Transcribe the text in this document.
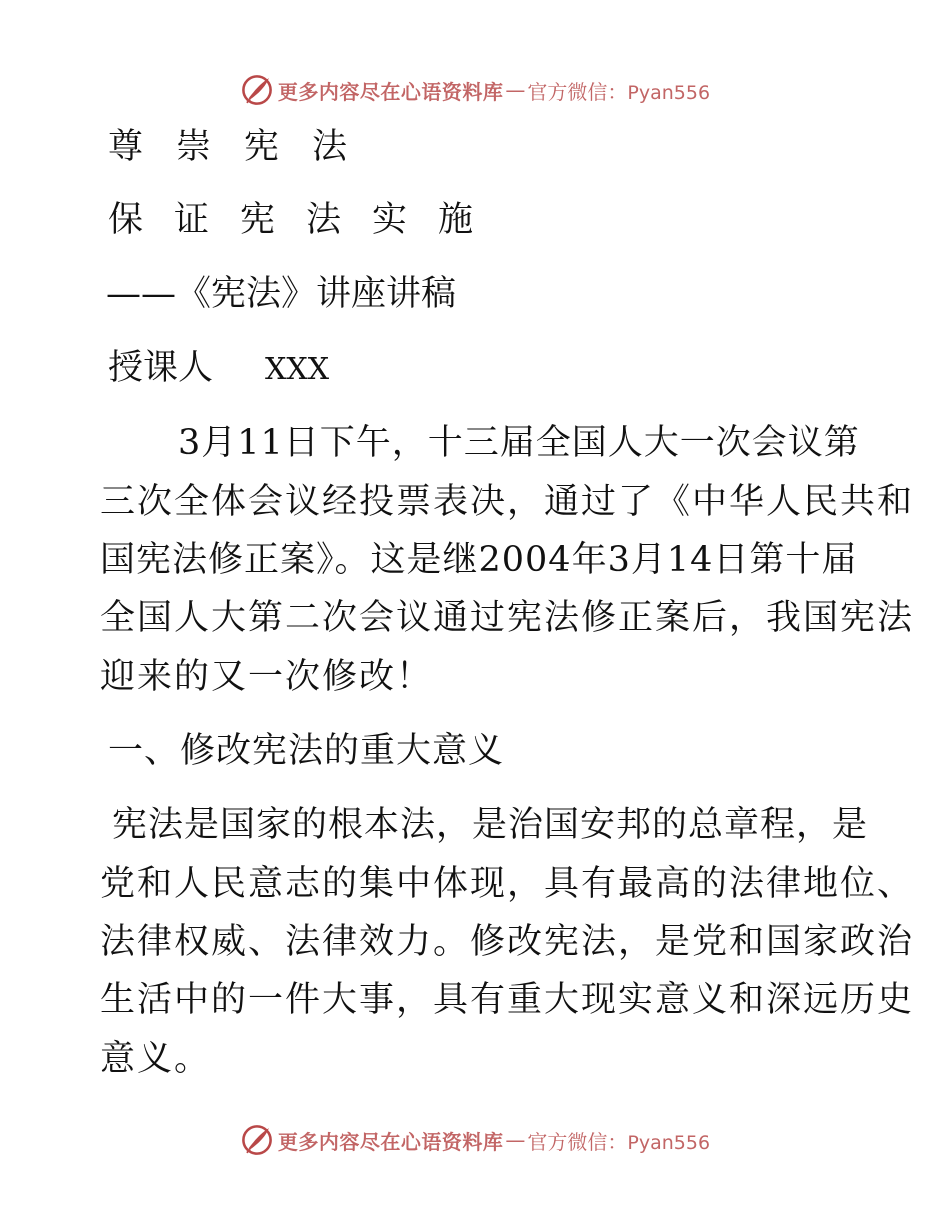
更多内容尽在心语资料库 — 官方微信：Pyan556
尊崇宪法
保证宪法实施
——《宪法》讲座讲稿
授课人 XXX
3月11日下午，十三届全国人大一次会议第
三次全体会议经投票表决，通过了《中华人民共和
国宪法修正案》。这是继2004年3月14日第十届
全国人大第二次会议通过宪法修正案后，我国宪法
迎来的又一次修改！
一、修改宪法的重大意义
宪法是国家的根本法，是治国安邦的总章程，是
党和人民意志的集中体现，具有最高的法律地位、
法律权威、法律效力。修改宪法，是党和国家政治
生活中的一件大事，具有重大现实意义和深远历史
意义。
更多内容尽在心语资料库 — 官方微信：Pyan556
